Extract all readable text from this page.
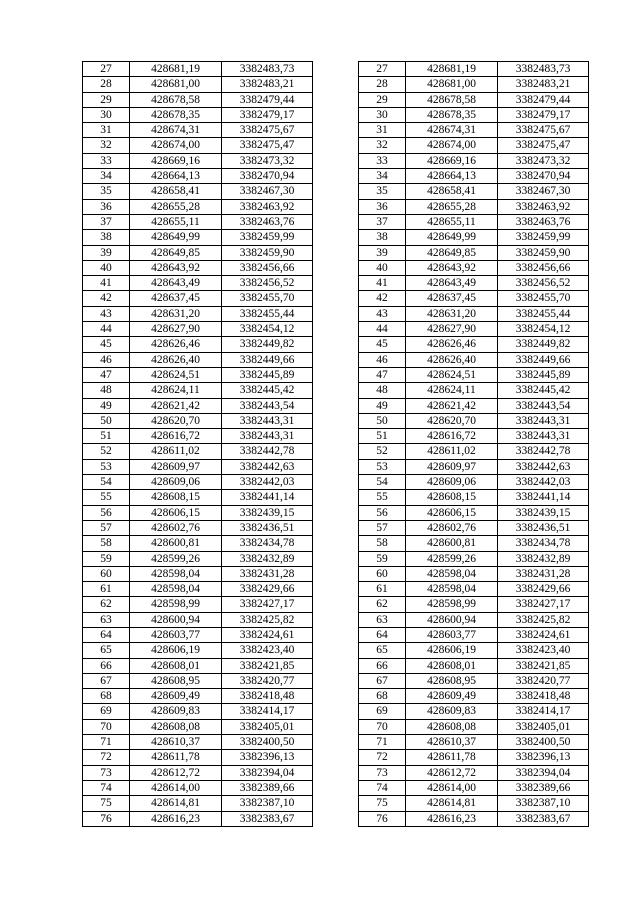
27	428681,19	3382483,73		27	428681,19	3382483,73
28	428681,00	3382483,21		28	428681,00	3382483,21
29	428678,58	3382479,44		29	428678,58	3382479,44
30	428678,35	3382479,17		30	428678,35	3382479,17
31	428674,31	3382475,67		31	428674,31	3382475,67
32	428674,00	3382475,47		32	428674,00	3382475,47
33	428669,16	3382473,32		33	428669,16	3382473,32
34	428664,13	3382470,94		34	428664,13	3382470,94
35	428658,41	3382467,30		35	428658,41	3382467,30
36	428655,28	3382463,92		36	428655,28	3382463,92
37	428655,11	3382463,76		37	428655,11	3382463,76
38	428649,99	3382459,99		38	428649,99	3382459,99
39	428649,85	3382459,90		39	428649,85	3382459,90
40	428643,92	3382456,66		40	428643,92	3382456,66
41	428643,49	3382456,52		41	428643,49	3382456,52
42	428637,45	3382455,70		42	428637,45	3382455,70
43	428631,20	3382455,44		43	428631,20	3382455,44
44	428627,90	3382454,12		44	428627,90	3382454,12
45	428626,46	3382449,82		45	428626,46	3382449,82
46	428626,40	3382449,66		46	428626,40	3382449,66
47	428624,51	3382445,89		47	428624,51	3382445,89
48	428624,11	3382445,42		48	428624,11	3382445,42
49	428621,42	3382443,54		49	428621,42	3382443,54
50	428620,70	3382443,31		50	428620,70	3382443,31
51	428616,72	3382443,31		51	428616,72	3382443,31
52	428611,02	3382442,78		52	428611,02	3382442,78
53	428609,97	3382442,63		53	428609,97	3382442,63
54	428609,06	3382442,03		54	428609,06	3382442,03
55	428608,15	3382441,14		55	428608,15	3382441,14
56	428606,15	3382439,15		56	428606,15	3382439,15
57	428602,76	3382436,51		57	428602,76	3382436,51
58	428600,81	3382434,78		58	428600,81	3382434,78
59	428599,26	3382432,89		59	428599,26	3382432,89
60	428598,04	3382431,28		60	428598,04	3382431,28
61	428598,04	3382429,66		61	428598,04	3382429,66
62	428598,99	3382427,17		62	428598,99	3382427,17
63	428600,94	3382425,82		63	428600,94	3382425,82
64	428603,77	3382424,61		64	428603,77	3382424,61
65	428606,19	3382423,40		65	428606,19	3382423,40
66	428608,01	3382421,85		66	428608,01	3382421,85
67	428608,95	3382420,77		67	428608,95	3382420,77
68	428609,49	3382418,48		68	428609,49	3382418,48
69	428609,83	3382414,17		69	428609,83	3382414,17
70	428608,08	3382405,01		70	428608,08	3382405,01
71	428610,37	3382400,50		71	428610,37	3382400,50
72	428611,78	3382396,13		72	428611,78	3382396,13
73	428612,72	3382394,04		73	428612,72	3382394,04
74	428614,00	3382389,66		74	428614,00	3382389,66
75	428614,81	3382387,10		75	428614,81	3382387,10
76	428616,23	3382383,67		76	428616,23	3382383,67
